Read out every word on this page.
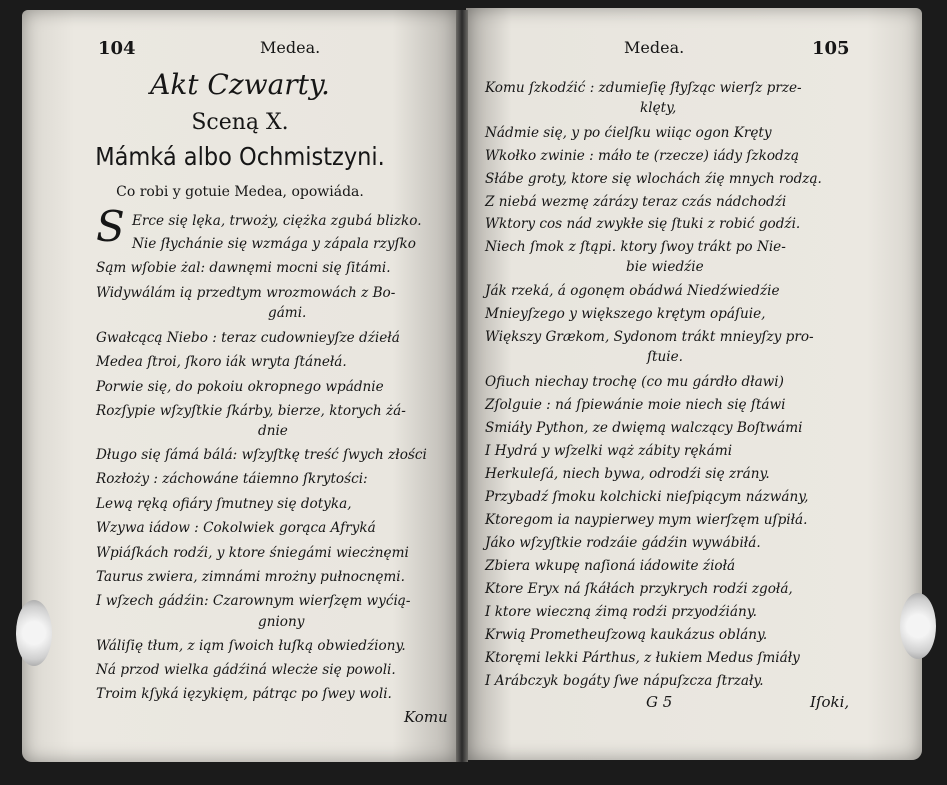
104	Medea.
Akt Czwarty.
Sceną X.
Mámká albo Ochmistzyni.
Co robi y gotuie Medea, opowiáda.
S Erce się lęka, trwoży, ciężka zgubá blizko.
Nie ſłychánie się wzmága y zápala rzyſko
Sąm wſobie żal: dawnęmi mocni się ſitámi.
Widywálám ią przedtym wrozmowách z Bo-
gámi.
Gwałcącą Niebo : teraz cudownieyſze dźiełá
Medea ſtroi, ſkoro iák wryta ſtánełá.
Porwie się, do pokoiu okropnego wpádnie
Rozſypie wſzyſtkie ſkárby, bierze, ktorych żá-
dnie
Długo się ſámá bálá: wſzyſtkę treść ſwych złości
Rozłoży : záchowáne táiemno ſkrytości:
Lewą ręką ofiáry ſmutney się dotyka,
Wzywa iádow : Cokolwiek gorąca Afryká
Wpiáſkách rodźi, y ktore śniegámi wiecżnęmi
Taurus zwiera, zimnámi mrożny pułnocnęmi.
I wſzech gádźin: Czarownym wierſzęm wyćią-
gniony
Wáliſię tłum, z iąm ſwoich łuſką obwiedźiony.
Ná przod wielka gádźiná wlecże się powoli.
Troim kſyká ięzykięm, pátrąc po ſwey woli.
Komu
Medea.	105
Komu ſzkodźić : zdumieſię ſłyſząc wierſz prze-
klęty,
Nádmie się, y po ćielſku wiiąc ogon Kręty
Wkołko zwinie : máło te (rzecze) iády ſzkodzą
Słábe groty, ktore się wlochách źię mnych rodzą.
Z niebá wezmę zárázy teraz czás nádchodźi
Wktory cos nád zwykłe się ſtuki z robić godźi.
Niech ſmok z ſtąpi. ktory ſwoy trákt po Nie-
bie wiedźie
Ják rzeká, á ogonęm obádwá Niedźwiedźie
Mnieyſzego y większego krętym opáſuie,
Większy Grækom, Sydonom trákt mnieyſzy pro-
ſtuie.
Ofiuch niechay trochę (co mu gárdło dławi)
Zſolguie : ná ſpiewánie moie niech się ſtáwi
Smiáły Python, ze dwięmą walczący Boſtwámi
I Hydrá y wſzelki wąż zábity rękámi
Herkuleſá, niech bywa, odrodźi się zrány.
Przybadź ſmoku kolchicki nieſpiącym názwány,
Ktoregom ia naypierwey mym wierſzęm uſpiłá.
Jáko wſzyſtkie rodzáie gádźin wywábiłá.
Zbiera wkupę naſioná iádowite źiołá
Ktore Eryx ná ſkáłách przykrych rodźi zgołá,
I ktore wieczną źimą rodźi przyodźiány.
Krwią Prometheuſzową kaukázus oblány.
Ktoręmi lekki Párthus, z łukiem Medus ſmiáły
I Arábczyk bogáty ſwe nápuſzcza ſtrzały.
G 5	Iſoki,
